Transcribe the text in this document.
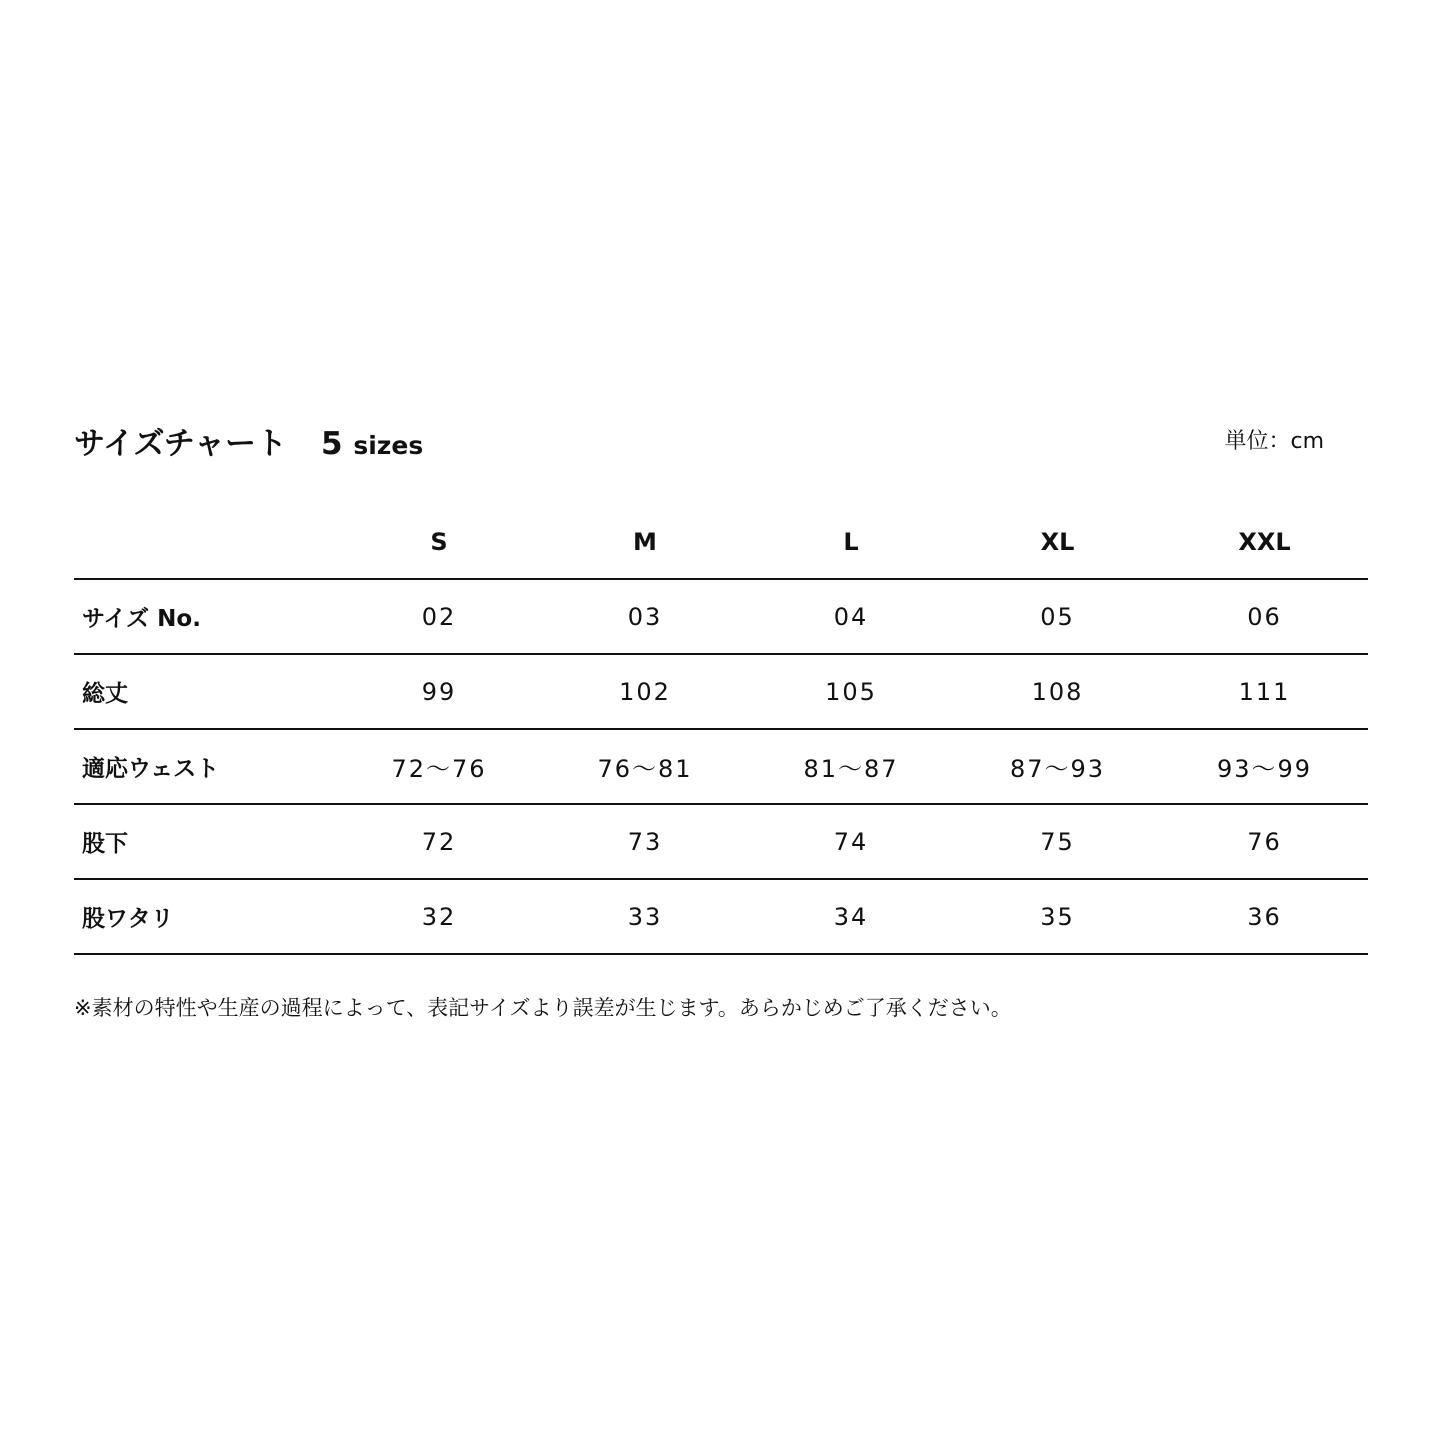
サイズチャート 5 sizes	単位：cm
	S	M	L	XL	XXL
サイズ No.	02	03	04	05	06
総丈	99	102	105	108	111
適応ウェスト	72〜76	76〜81	81〜87	87〜93	93〜99
股下	72	73	74	75	76
股ワタリ	32	33	34	35	36
※素材の特性や生産の過程によって、表記サイズより誤差が生じます。あらかじめご了承ください。
